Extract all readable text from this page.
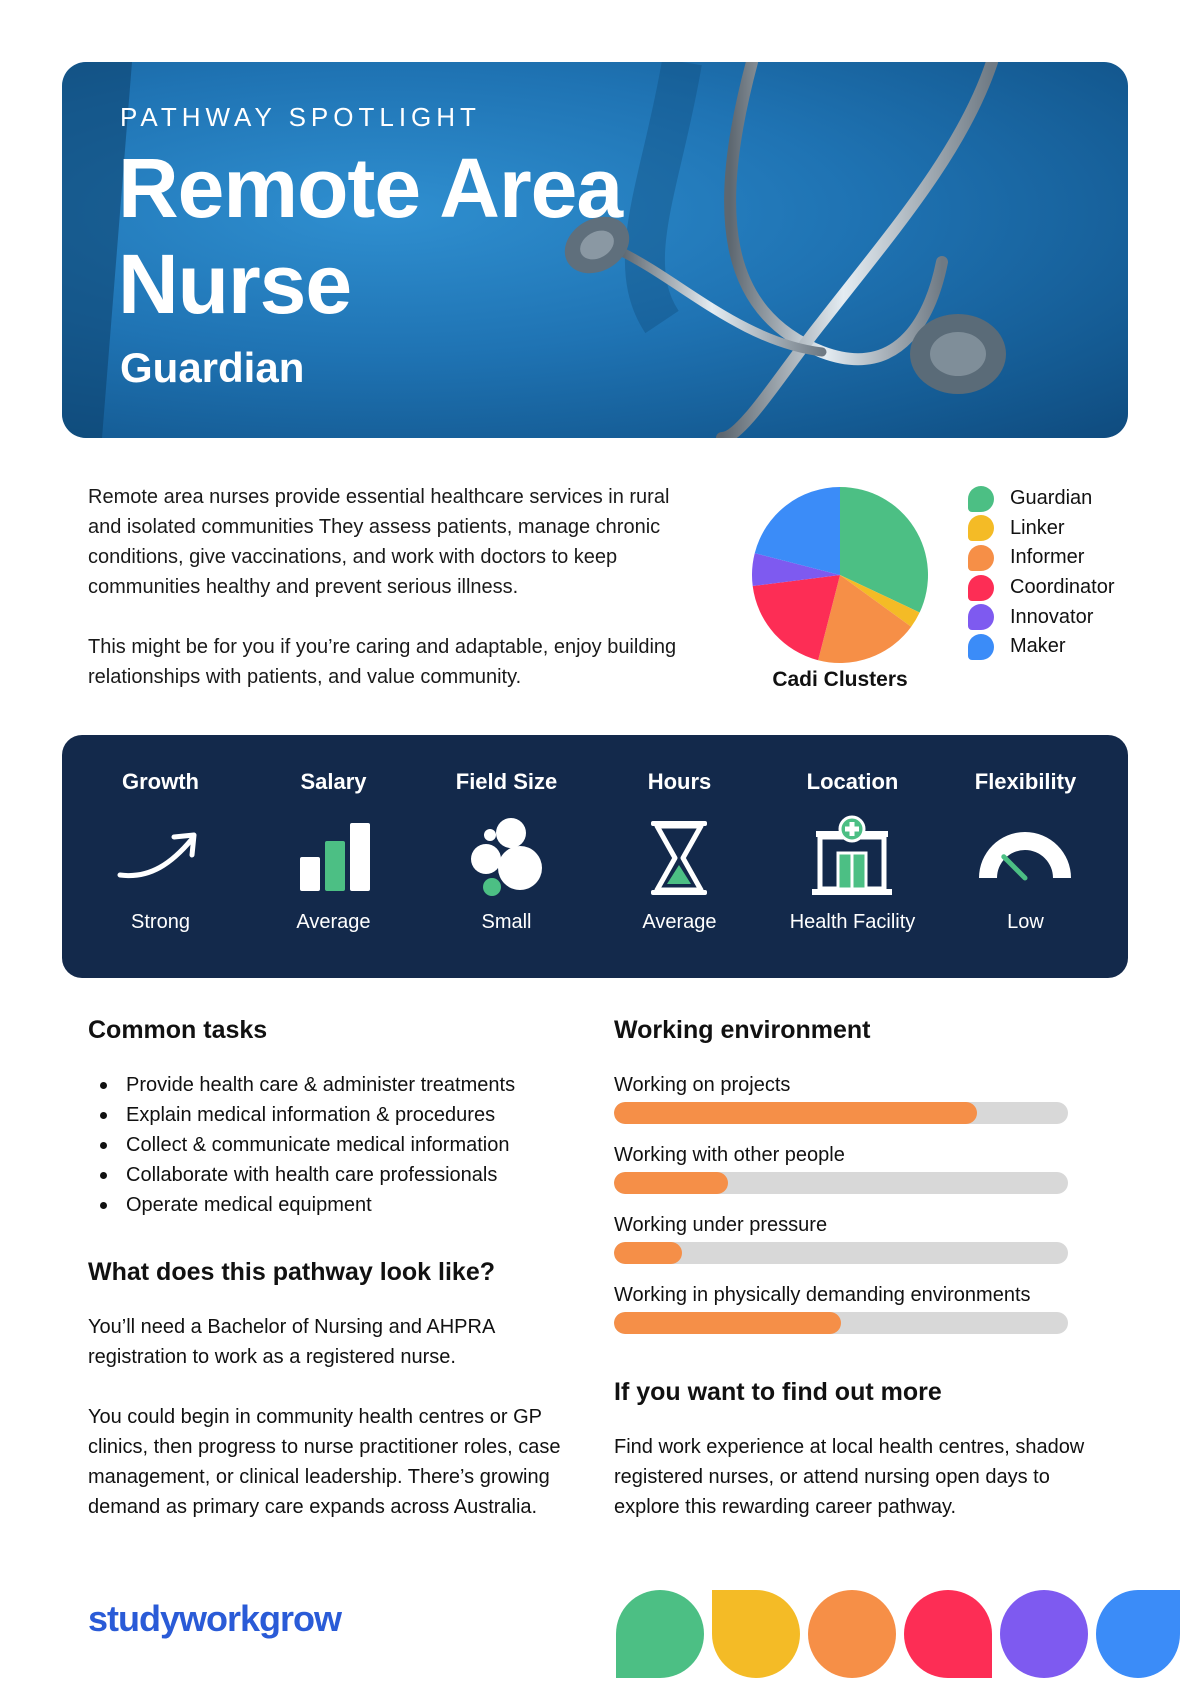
PATHWAY SPOTLIGHT
Remote Area
Nurse
Guardian

Remote area nurses provide essential healthcare services in rural and isolated communities They assess patients, manage chronic conditions, give vaccinations, and work with doctors to keep communities healthy and prevent serious illness.

This might be for you if you’re caring and adaptable, enjoy building relationships with patients, and value community.	Cadi Clusters
Guardian
Linker
Informer
Coordinator
Innovator
Maker
Growth
Strong
Salary
Average
Field Size
Small
Hours
Average
Location
Health Facility
Flexibility
Low
Common tasks
Provide health care & administer treatments
Explain medical information & procedures
Collect & communicate medical information
Collaborate with health care professionals
Operate medical equipment
What does this pathway look like?

You’ll need a Bachelor of Nursing and AHPRA registration to work as a registered nurse.

You could begin in community health centres or GP clinics, then progress to nurse practitioner roles, case management, or clinical leadership. There’s growing demand as primary care expands across Australia.

Working environment
Working on projects
Working with other people
Working under pressure
Working in physically demanding environments
If you want to find out more

Find work experience at local health centres, shadow registered nurses, or attend nursing open days to explore this rewarding career pathway.

studyworkgrow
